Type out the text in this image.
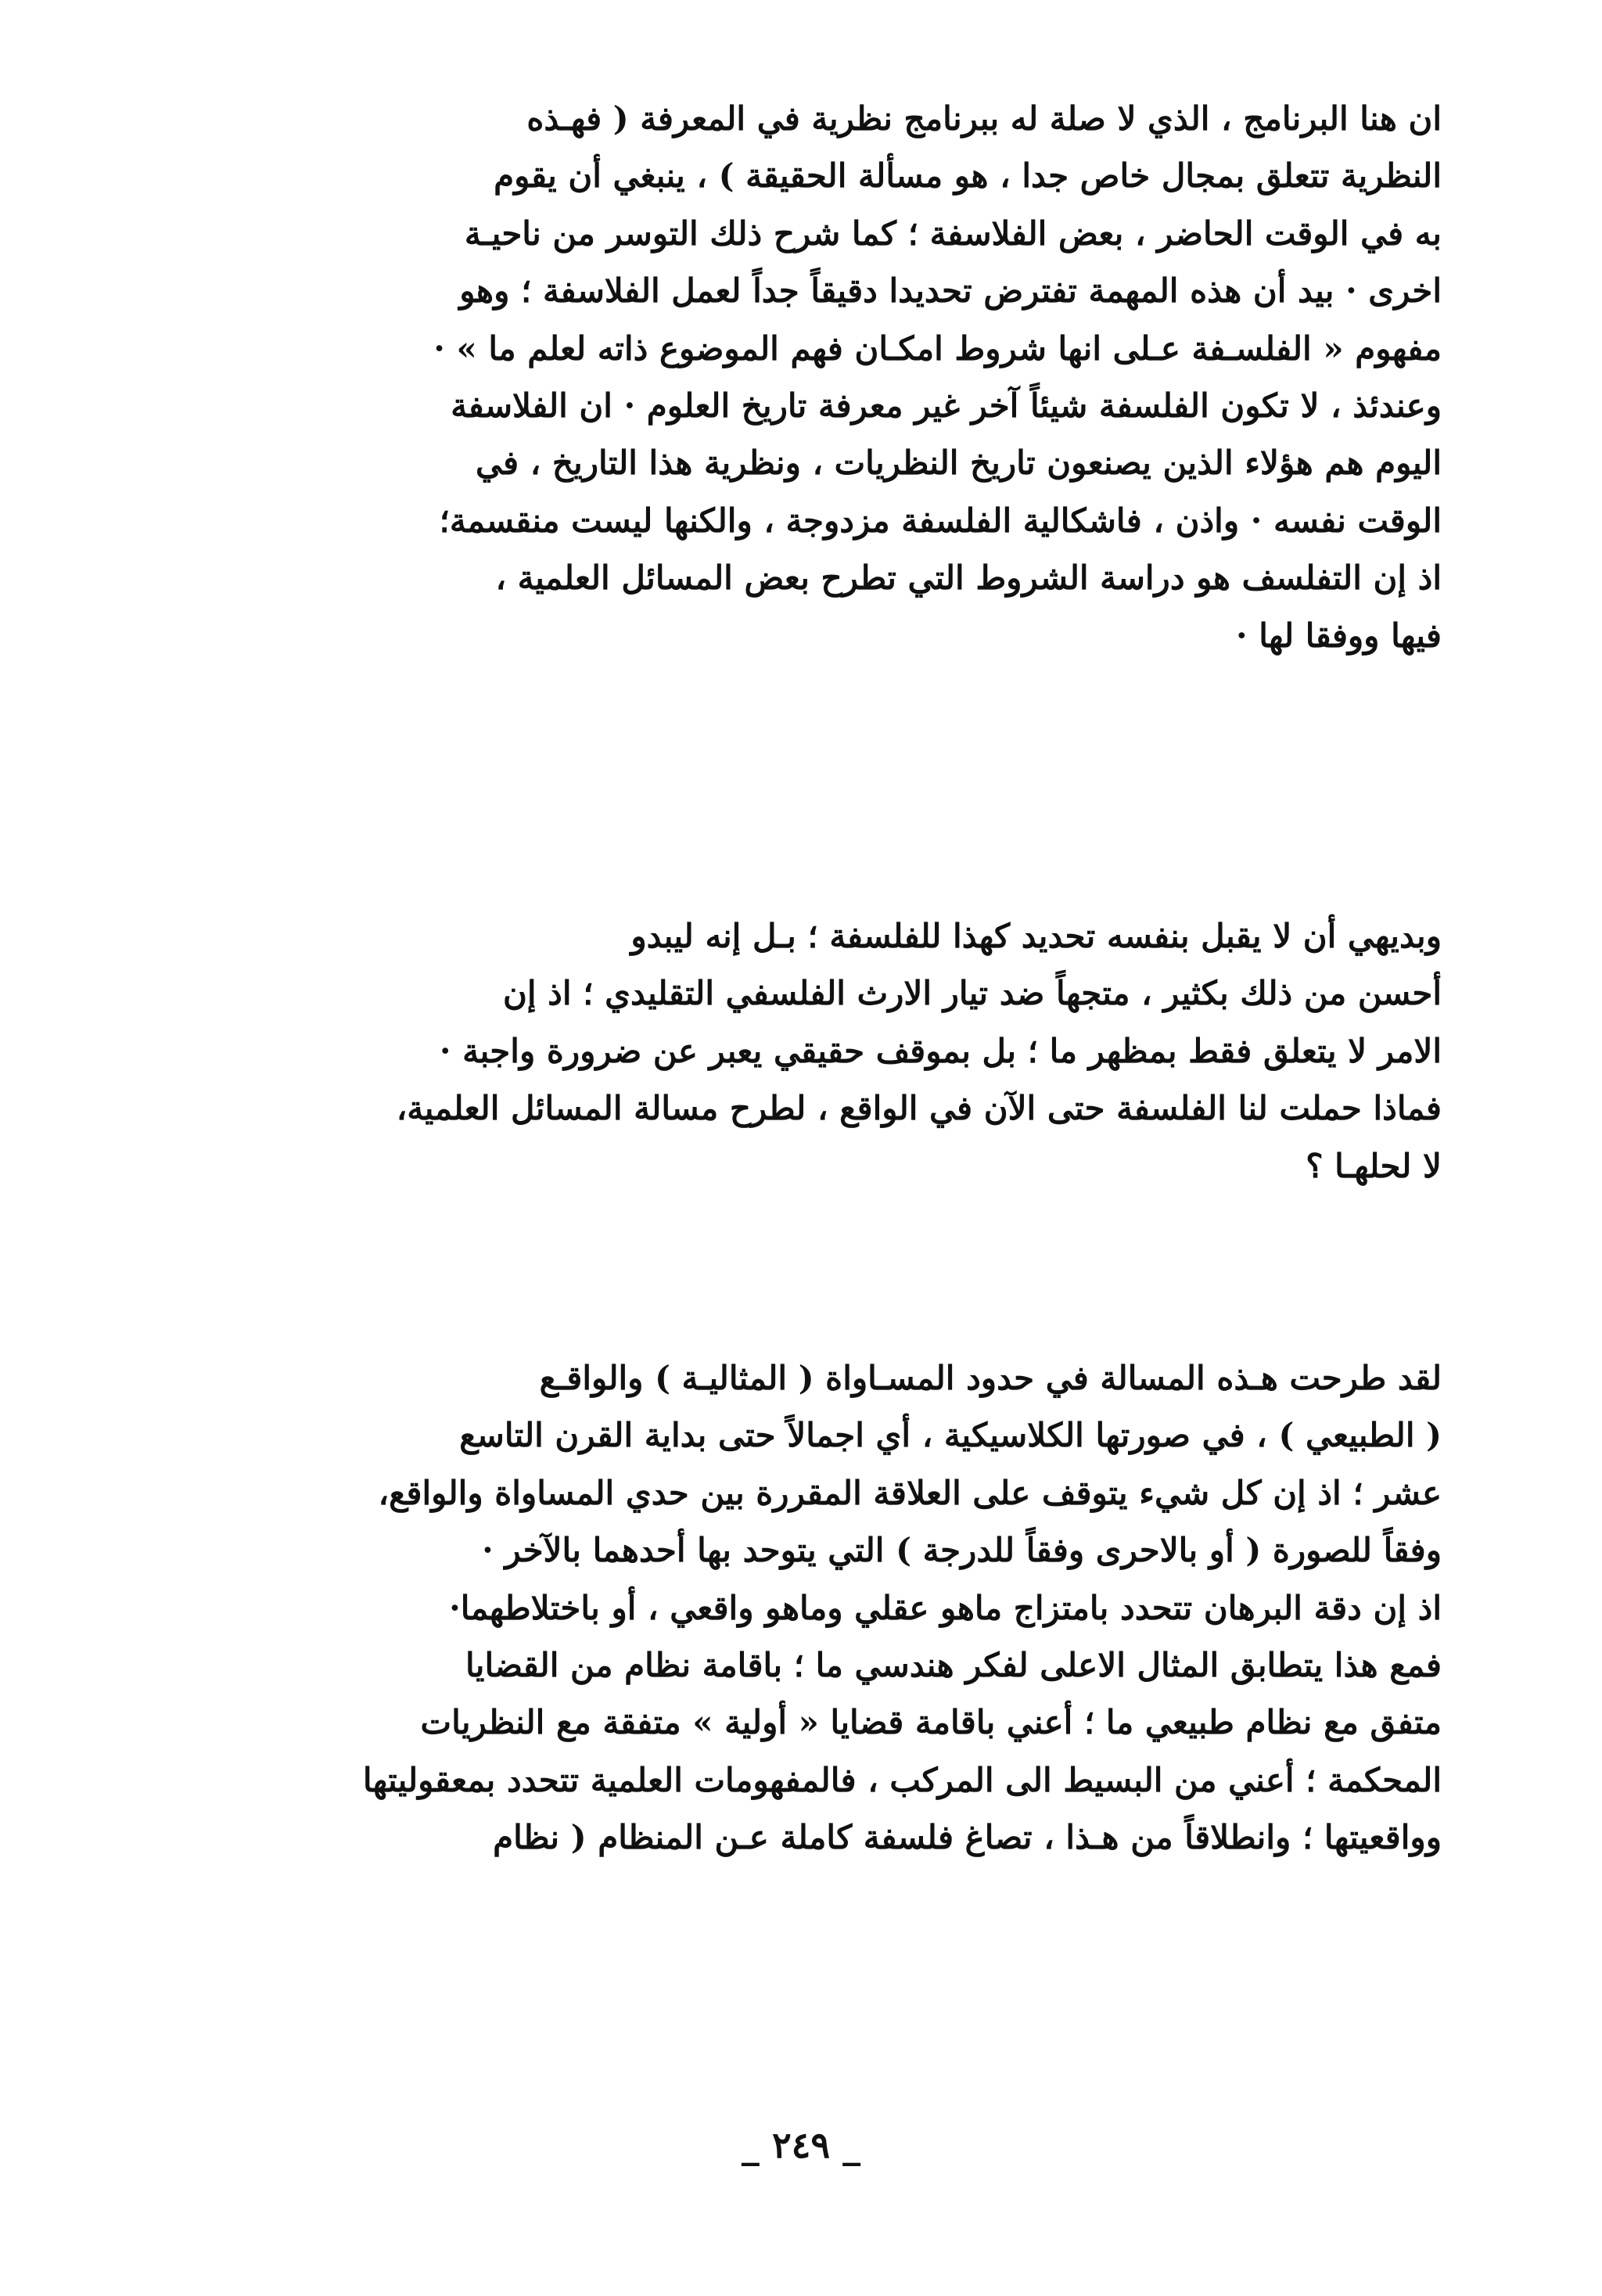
ان هنا البرنامج ، الذي لا صلة له ببرنامج نظرية في المعرفة ( فهـذه
النظرية تتعلق بمجال خاص جدا ، هو مسألة الحقيقة ) ، ينبغي أن يقوم
به في الوقت الحاضر ، بعض الفلاسفة ؛ كما شرح ذلك التوسر من ناحيـة
اخرى · بيد أن هذه المهمة تفترض تحديدا دقيقاً جداً لعمل الفلاسفة ؛ وهو
مفهوم « الفلسـفة عـلى انها شروط امكـان فهم الموضوع ذاته لعلم ما » ·
وعندئذ ، لا تكون الفلسفة شيئاً آخر غير معرفة تاريخ العلوم · ان الفلاسفة
اليوم هم هؤلاء الذين يصنعون تاريخ النظريات ، ونظرية هذا التاريخ ، في
الوقت نفسه · واذن ، فاشكالية الفلسفة مزدوجة ، والكنها ليست منقسمة؛
اذ إن التفلسف هو دراسة الشروط التي تطرح بعض المسائل العلمية ،
فيها ووفقا لها ·
وبديهي أن لا يقبل بنفسه تحديد كهذا للفلسفة ؛ بـل إنه ليبدو
أحسن من ذلك بكثير ، متجهاً ضد تيار الارث الفلسفي التقليدي ؛ اذ إن
الامر لا يتعلق فقط بمظهر ما ؛ بل بموقف حقيقي يعبر عن ضرورة واجبة ·
فماذا حملت لنا الفلسفة حتى الآن في الواقع ، لطرح مسالة المسائل العلمية،
لا لحلهـا ؟
لقد طرحت هـذه المسالة في حدود المسـاواة ( المثاليـة ) والواقـع
( الطبيعي ) ، في صورتها الكلاسيكية ، أي اجمالاً حتى بداية القرن التاسع
عشر ؛ اذ إن كل شيء يتوقف على العلاقة المقررة بين حدي المساواة والواقع،
وفقاً للصورة ( أو بالاحرى وفقاً للدرجة ) التي يتوحد بها أحدهما بالآخر ·
اذ إن دقة البرهان تتحدد بامتزاج ماهو عقلي وماهو واقعي ، أو باختلاطهما·
فمع هذا يتطابق المثال الاعلى لفكر هندسي ما ؛ باقامة نظام من القضايا
متفق مع نظام طبيعي ما ؛ أعني باقامة قضايا « أولية » متفقة مع النظريات
المحكمة ؛ أعني من البسيط الى المركب ، فالمفهومات العلمية تتحدد بمعقوليتها
وواقعيتها ؛ وانطلاقاً من هـذا ، تصاغ فلسفة كاملة عـن المنظام ( نظام
_ ٢٤٩ _
